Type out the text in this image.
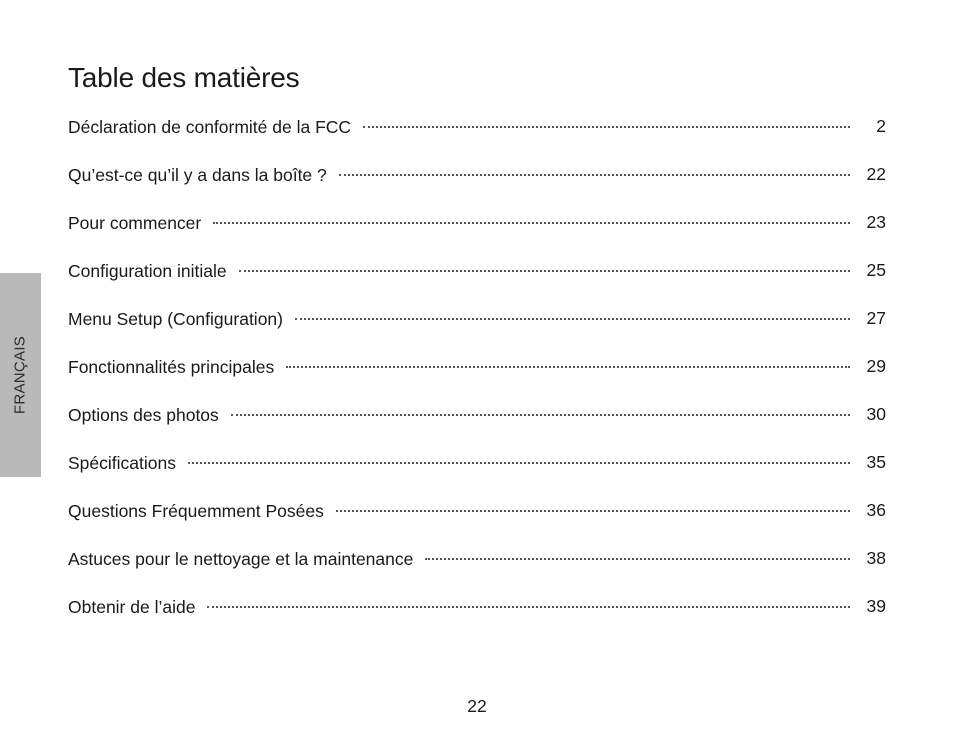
FRANÇAIS
Table des matières
Déclaration de conformité de la FCC	2
Qu’est-ce qu’il y a dans la boîte ?	22
Pour commencer	23
Configuration initiale	25
Menu Setup (Configuration)	27
Fonctionnalités principales	29
Options des photos	30
Spécifications	35
Questions Fréquemment Posées	36
Astuces pour le nettoyage et la maintenance	38
Obtenir de l’aide	39
22
